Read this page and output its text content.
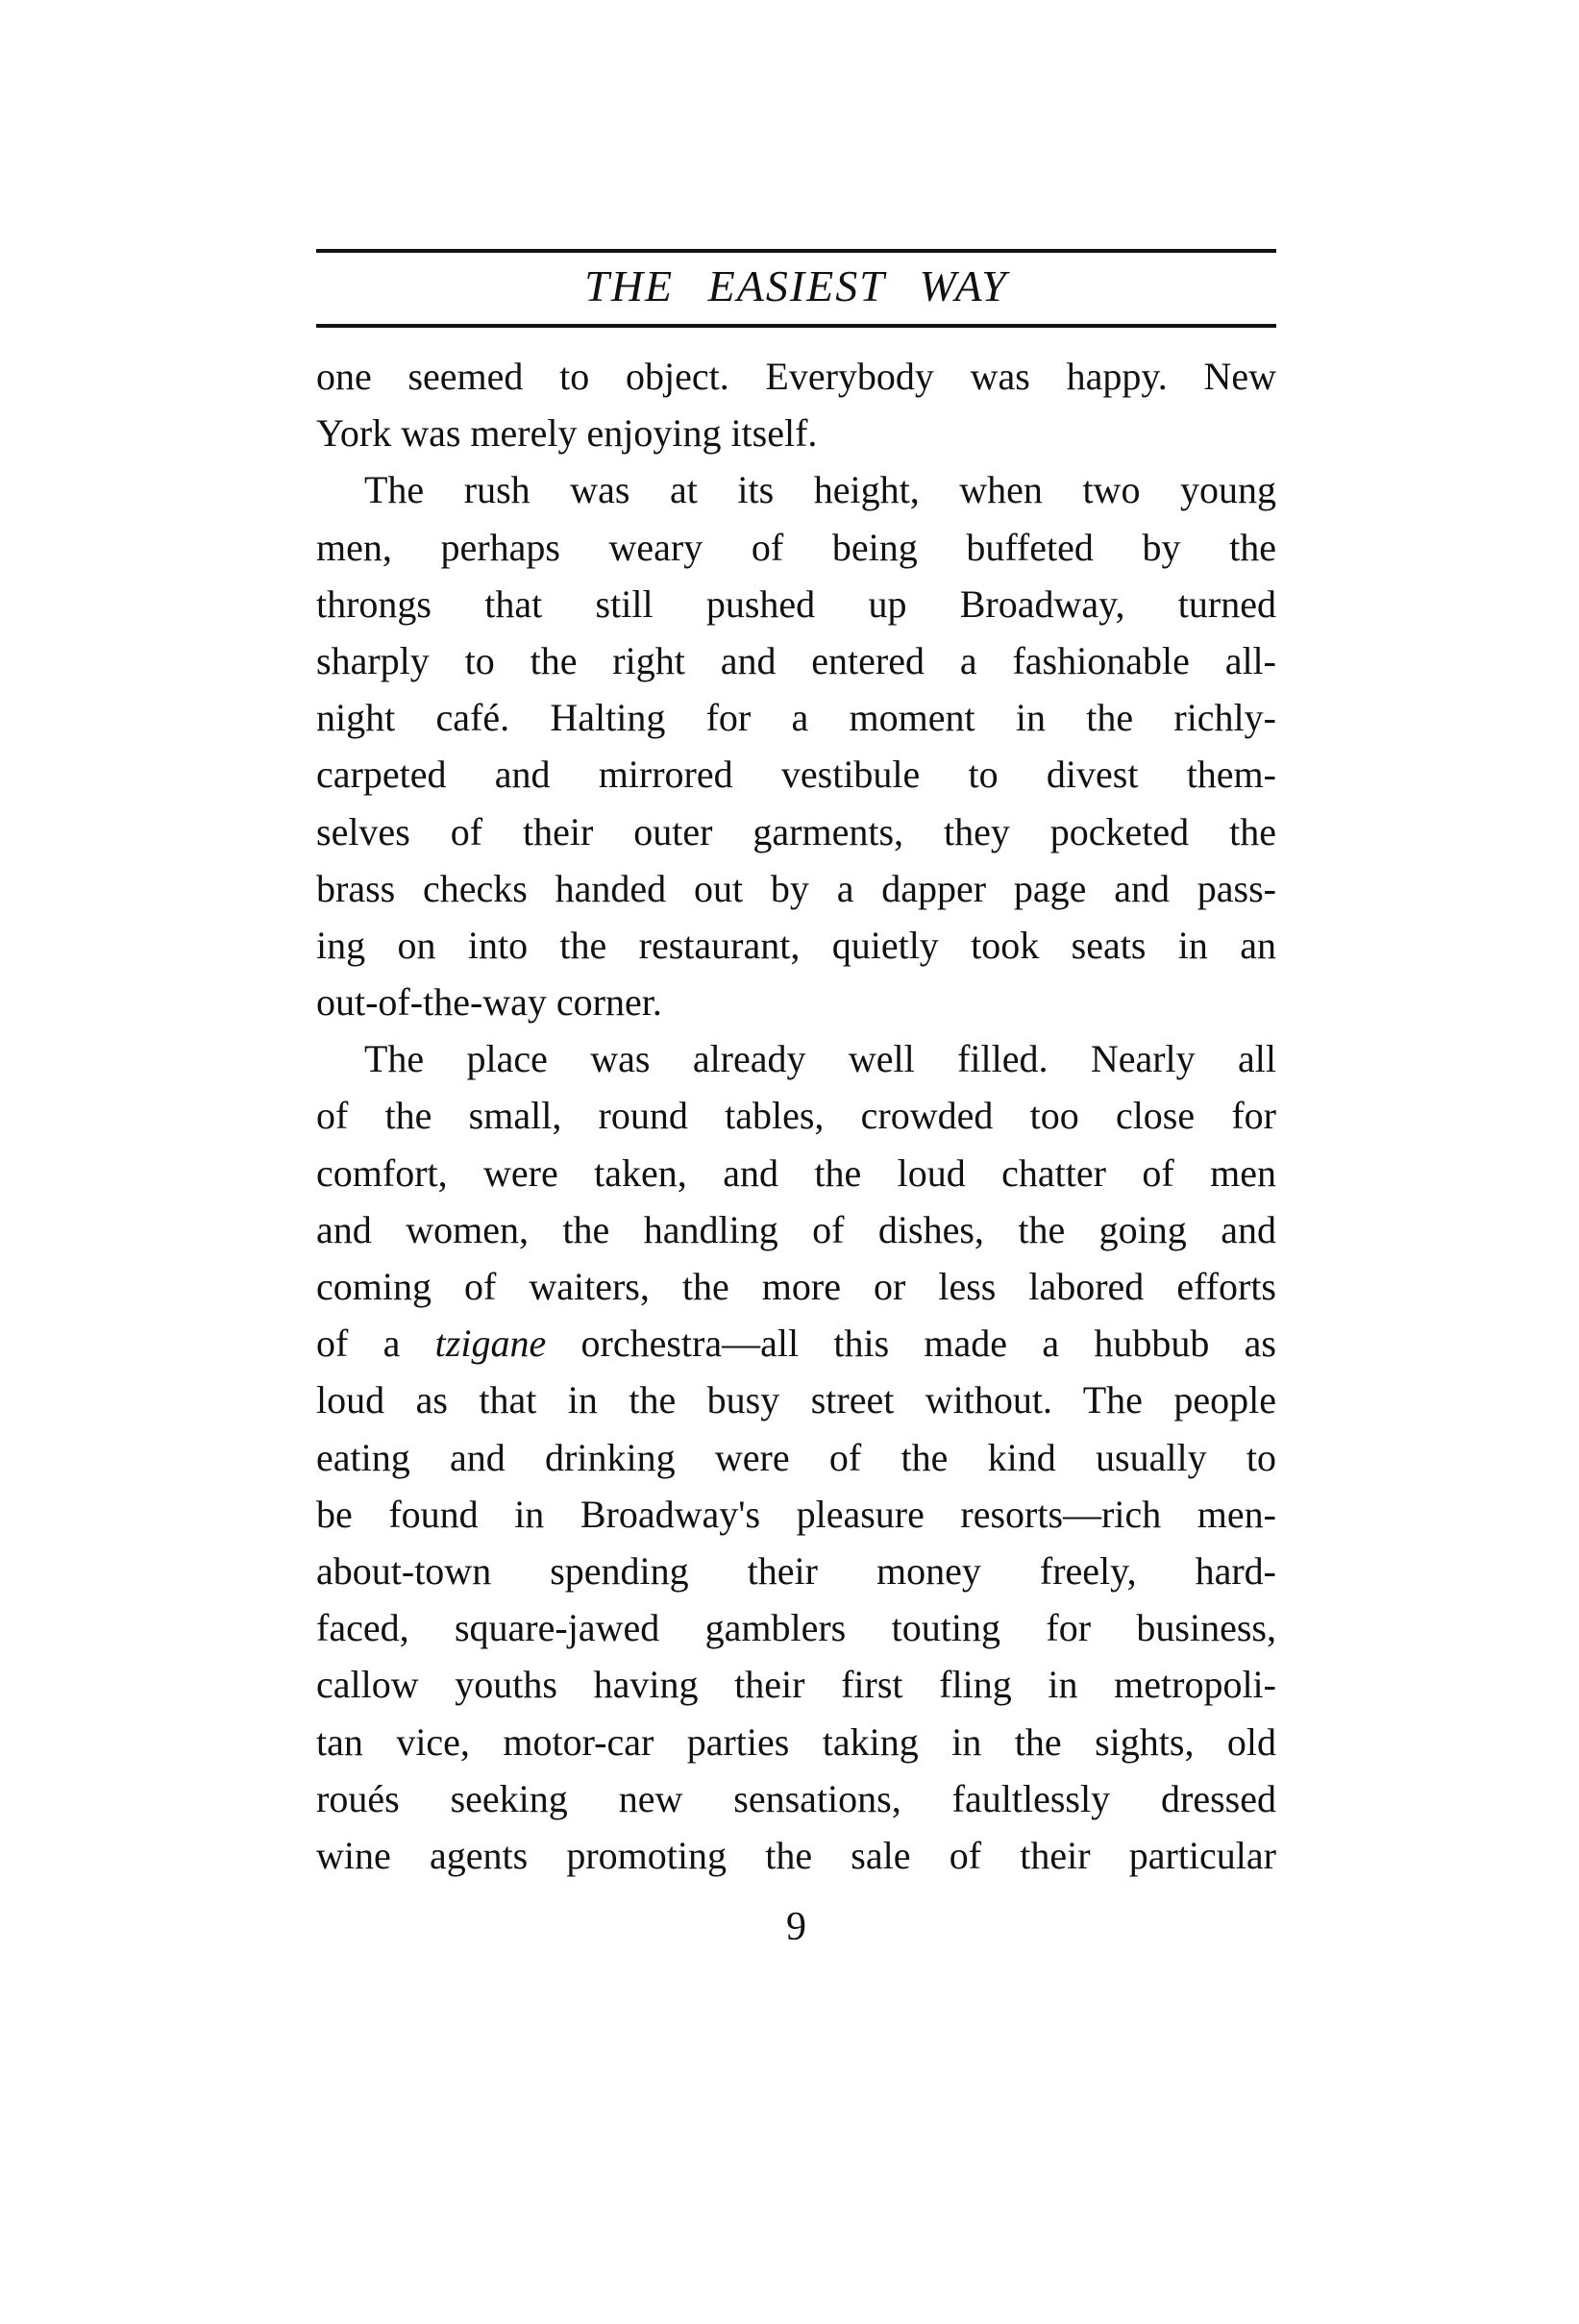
THE EASIEST WAY
one seemed to object. Everybody was happy. New
York was merely enjoying itself.
The rush was at its height, when two young
men, perhaps weary of being buffeted by the
throngs that still pushed up Broadway, turned
sharply to the right and entered a fashionable all-
night café. Halting for a moment in the richly-
carpeted and mirrored vestibule to divest them-
selves of their outer garments, they pocketed the
brass checks handed out by a dapper page and pass-
ing on into the restaurant, quietly took seats in an
out-of-the-way corner.
The place was already well filled. Nearly all
of the small, round tables, crowded too close for
comfort, were taken, and the loud chatter of men
and women, the handling of dishes, the going and
coming of waiters, the more or less labored efforts
of a tzigane orchestra—all this made a hubbub as
loud as that in the busy street without. The people
eating and drinking were of the kind usually to
be found in Broadway's pleasure resorts—rich men-
about-town spending their money freely, hard-
faced, square-jawed gamblers touting for business,
callow youths having their first fling in metropoli-
tan vice, motor-car parties taking in the sights, old
roués seeking new sensations, faultlessly dressed
wine agents promoting the sale of their particular
9
